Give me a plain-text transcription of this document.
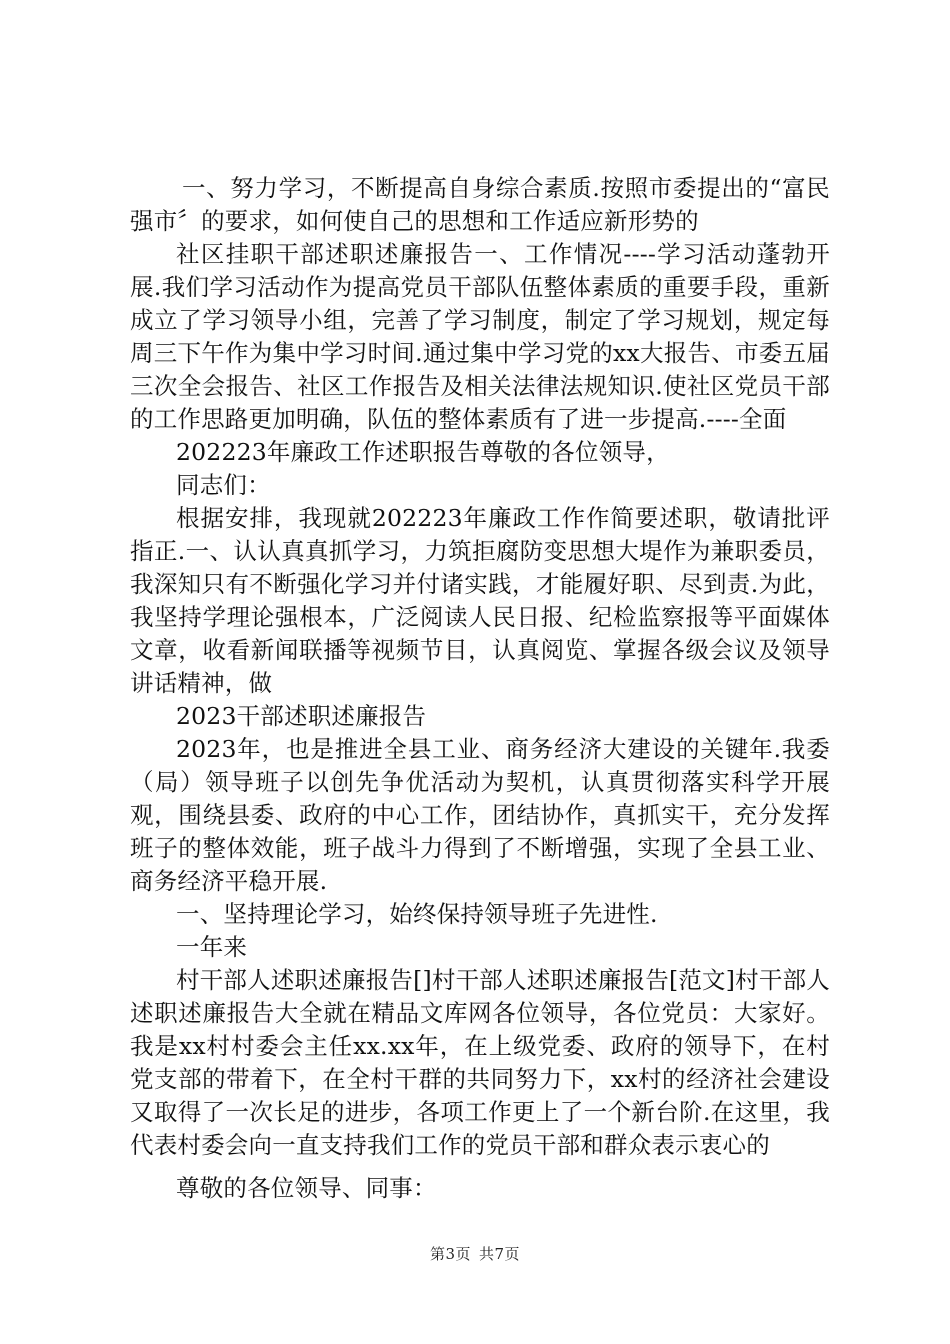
一、努力学习，不断提高自身综合素质.按照市委提出的“富民强市〞的要求，如何使自己的思想和工作适应新形势的

社区挂职干部述职述廉报告一、工作情况----学习活动蓬勃开展.我们学习活动作为提高党员干部队伍整体素质的重要手段，重新成立了学习领导小组，完善了学习制度，制定了学习规划，规定每周三下午作为集中学习时间.通过集中学习党的xx大报告、市委五届三次全会报告、社区工作报告及相关法律法规知识.使社区党员干部的工作思路更加明确，队伍的整体素质有了进一步提高.----全面

202223年廉政工作述职报告尊敬的各位领导，

同志们：

根据安排，我现就202223年廉政工作作简要述职，敬请批评指正.一、认认真真抓学习，力筑拒腐防变思想大堤作为兼职委员，我深知只有不断强化学习并付诸实践，才能履好职、尽到责.为此，我坚持学理论强根本，广泛阅读人民日报、纪检监察报等平面媒体文章，收看新闻联播等视频节目，认真阅览、掌握各级会议及领导讲话精神，做

2023干部述职述廉报告

2023年，也是推进全县工业、商务经济大建设的关键年.我委（局）领导班子以创先争优活动为契机，认真贯彻落实科学开展观，围绕县委、政府的中心工作，团结协作，真抓实干，充分发挥班子的整体效能，班子战斗力得到了不断增强，实现了全县工业、商务经济平稳开展.

一、坚持理论学习，始终保持领导班子先进性.

一年来

村干部人述职述廉报告[]村干部人述职述廉报告[范文]村干部人述职述廉报告大全就在精品文库网各位领导，各位党员：大家好。我是xx村村委会主任xx.xx年，在上级党委、政府的领导下，在村党支部的带着下，在全村干群的共同努力下，xx村的经济社会建设又取得了一次长足的进步，各项工作更上了一个新台阶.在这里，我代表村委会向一直支持我们工作的党员干部和群众表示衷心的

尊敬的各位领导、同事：

第3页 共7页
